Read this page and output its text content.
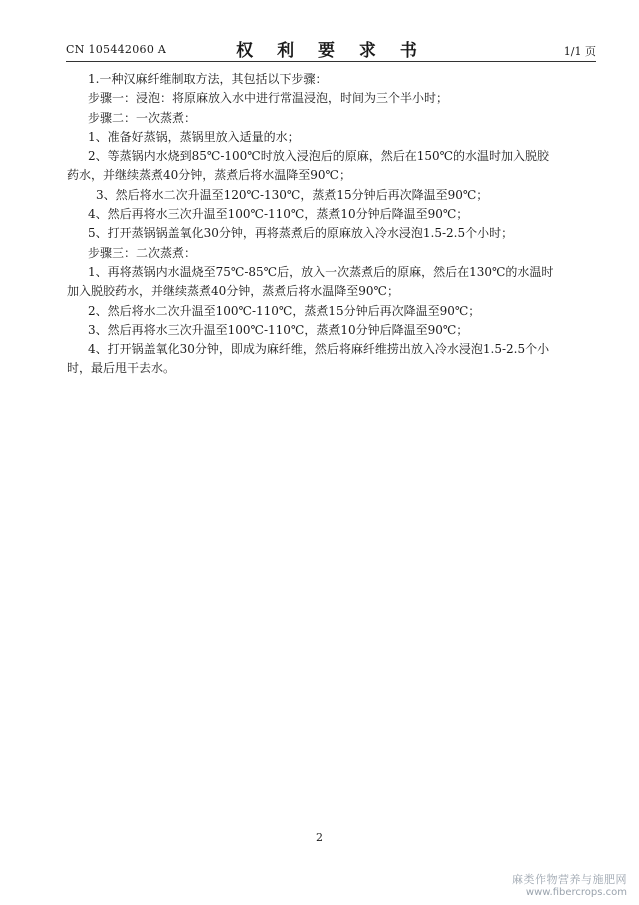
CN 105442060 A	权 利 要 求 书	1/1 页
1.一种汉麻纤维制取方法，其包括以下步骤：
步骤一：浸泡：将原麻放入水中进行常温浸泡，时间为三个半小时；
步骤二：一次蒸煮：
1、准备好蒸锅，蒸锅里放入适量的水；
2、等蒸锅内水烧到85℃-100℃时放入浸泡后的原麻，然后在150℃的水温时加入脱胶
药水，并继续蒸煮40分钟，蒸煮后将水温降至90℃；
3、然后将水二次升温至120℃-130℃，蒸煮15分钟后再次降温至90℃；
4、然后再将水三次升温至100℃-110℃，蒸煮10分钟后降温至90℃；
5、打开蒸锅锅盖氧化30分钟，再将蒸煮后的原麻放入冷水浸泡1.5-2.5个小时；
步骤三：二次蒸煮：
1、再将蒸锅内水温烧至75℃-85℃后，放入一次蒸煮后的原麻，然后在130℃的水温时
加入脱胶药水，并继续蒸煮40分钟，蒸煮后将水温降至90℃；
2、然后将水二次升温至100℃-110℃，蒸煮15分钟后再次降温至90℃；
3、然后再将水三次升温至100℃-110℃，蒸煮10分钟后降温至90℃；
4、打开锅盖氧化30分钟，即成为麻纤维，然后将麻纤维捞出放入冷水浸泡1.5-2.5个小
时，最后甩干去水。
2
麻类作物营养与施肥网
www.fibercrops.com
